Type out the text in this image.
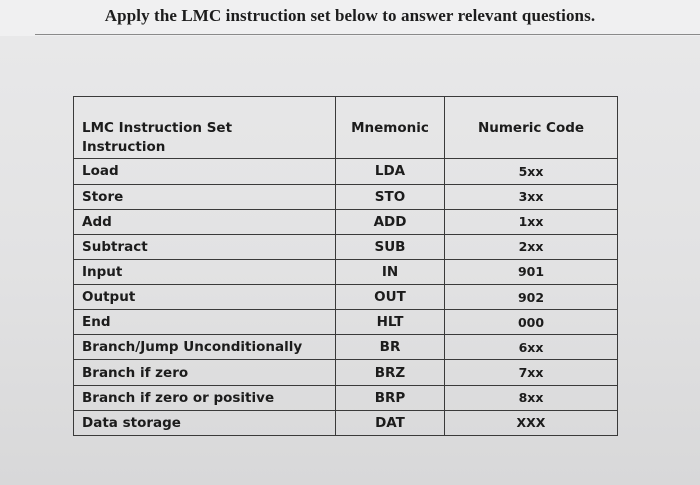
Apply the LMC instruction set below to answer relevant questions.
LMC Instruction Set
Instruction	Mnemonic	Numeric Code
Load	LDA	5xx
Store	STO	3xx
Add	ADD	1xx
Subtract	SUB	2xx
Input	IN	901
Output	OUT	902
End	HLT	000
Branch/Jump Unconditionally	BR	6xx
Branch if zero	BRZ	7xx
Branch if zero or positive	BRP	8xx
Data storage	DAT	XXX
